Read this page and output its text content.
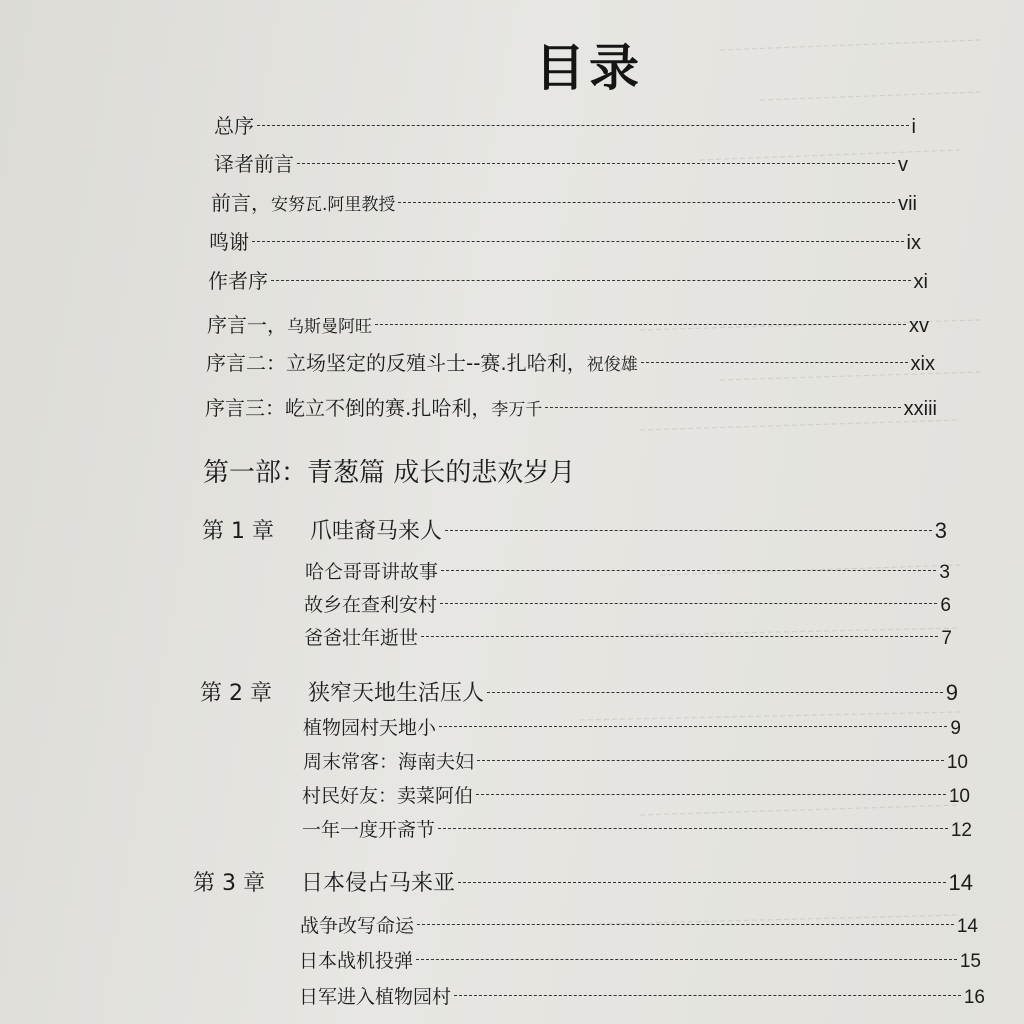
目录
总序	i
译者前言	v
前言， 安努瓦.阿里教授	vii
鸣谢	ix
作者序	xi
序言一， 乌斯曼阿旺	xv
序言二：立场坚定的反殖斗士--赛.扎哈利， 祝俊雄	xix
序言三：屹立不倒的赛.扎哈利， 李万千	xxiii
第一部：青葱篇 成长的悲欢岁月
第 1 章	爪哇裔马来人	3
哈仑哥哥讲故事	3
故乡在查利安村	6
爸爸壮年逝世	7
第 2 章	狭窄天地生活压人	9
植物园村天地小	9
周末常客：海南夫妇	10
村民好友：卖菜阿伯	10
一年一度开斋节	12
第 3 章	日本侵占马来亚	14
战争改写命运	14
日本战机投弹	15
日军进入植物园村	16
